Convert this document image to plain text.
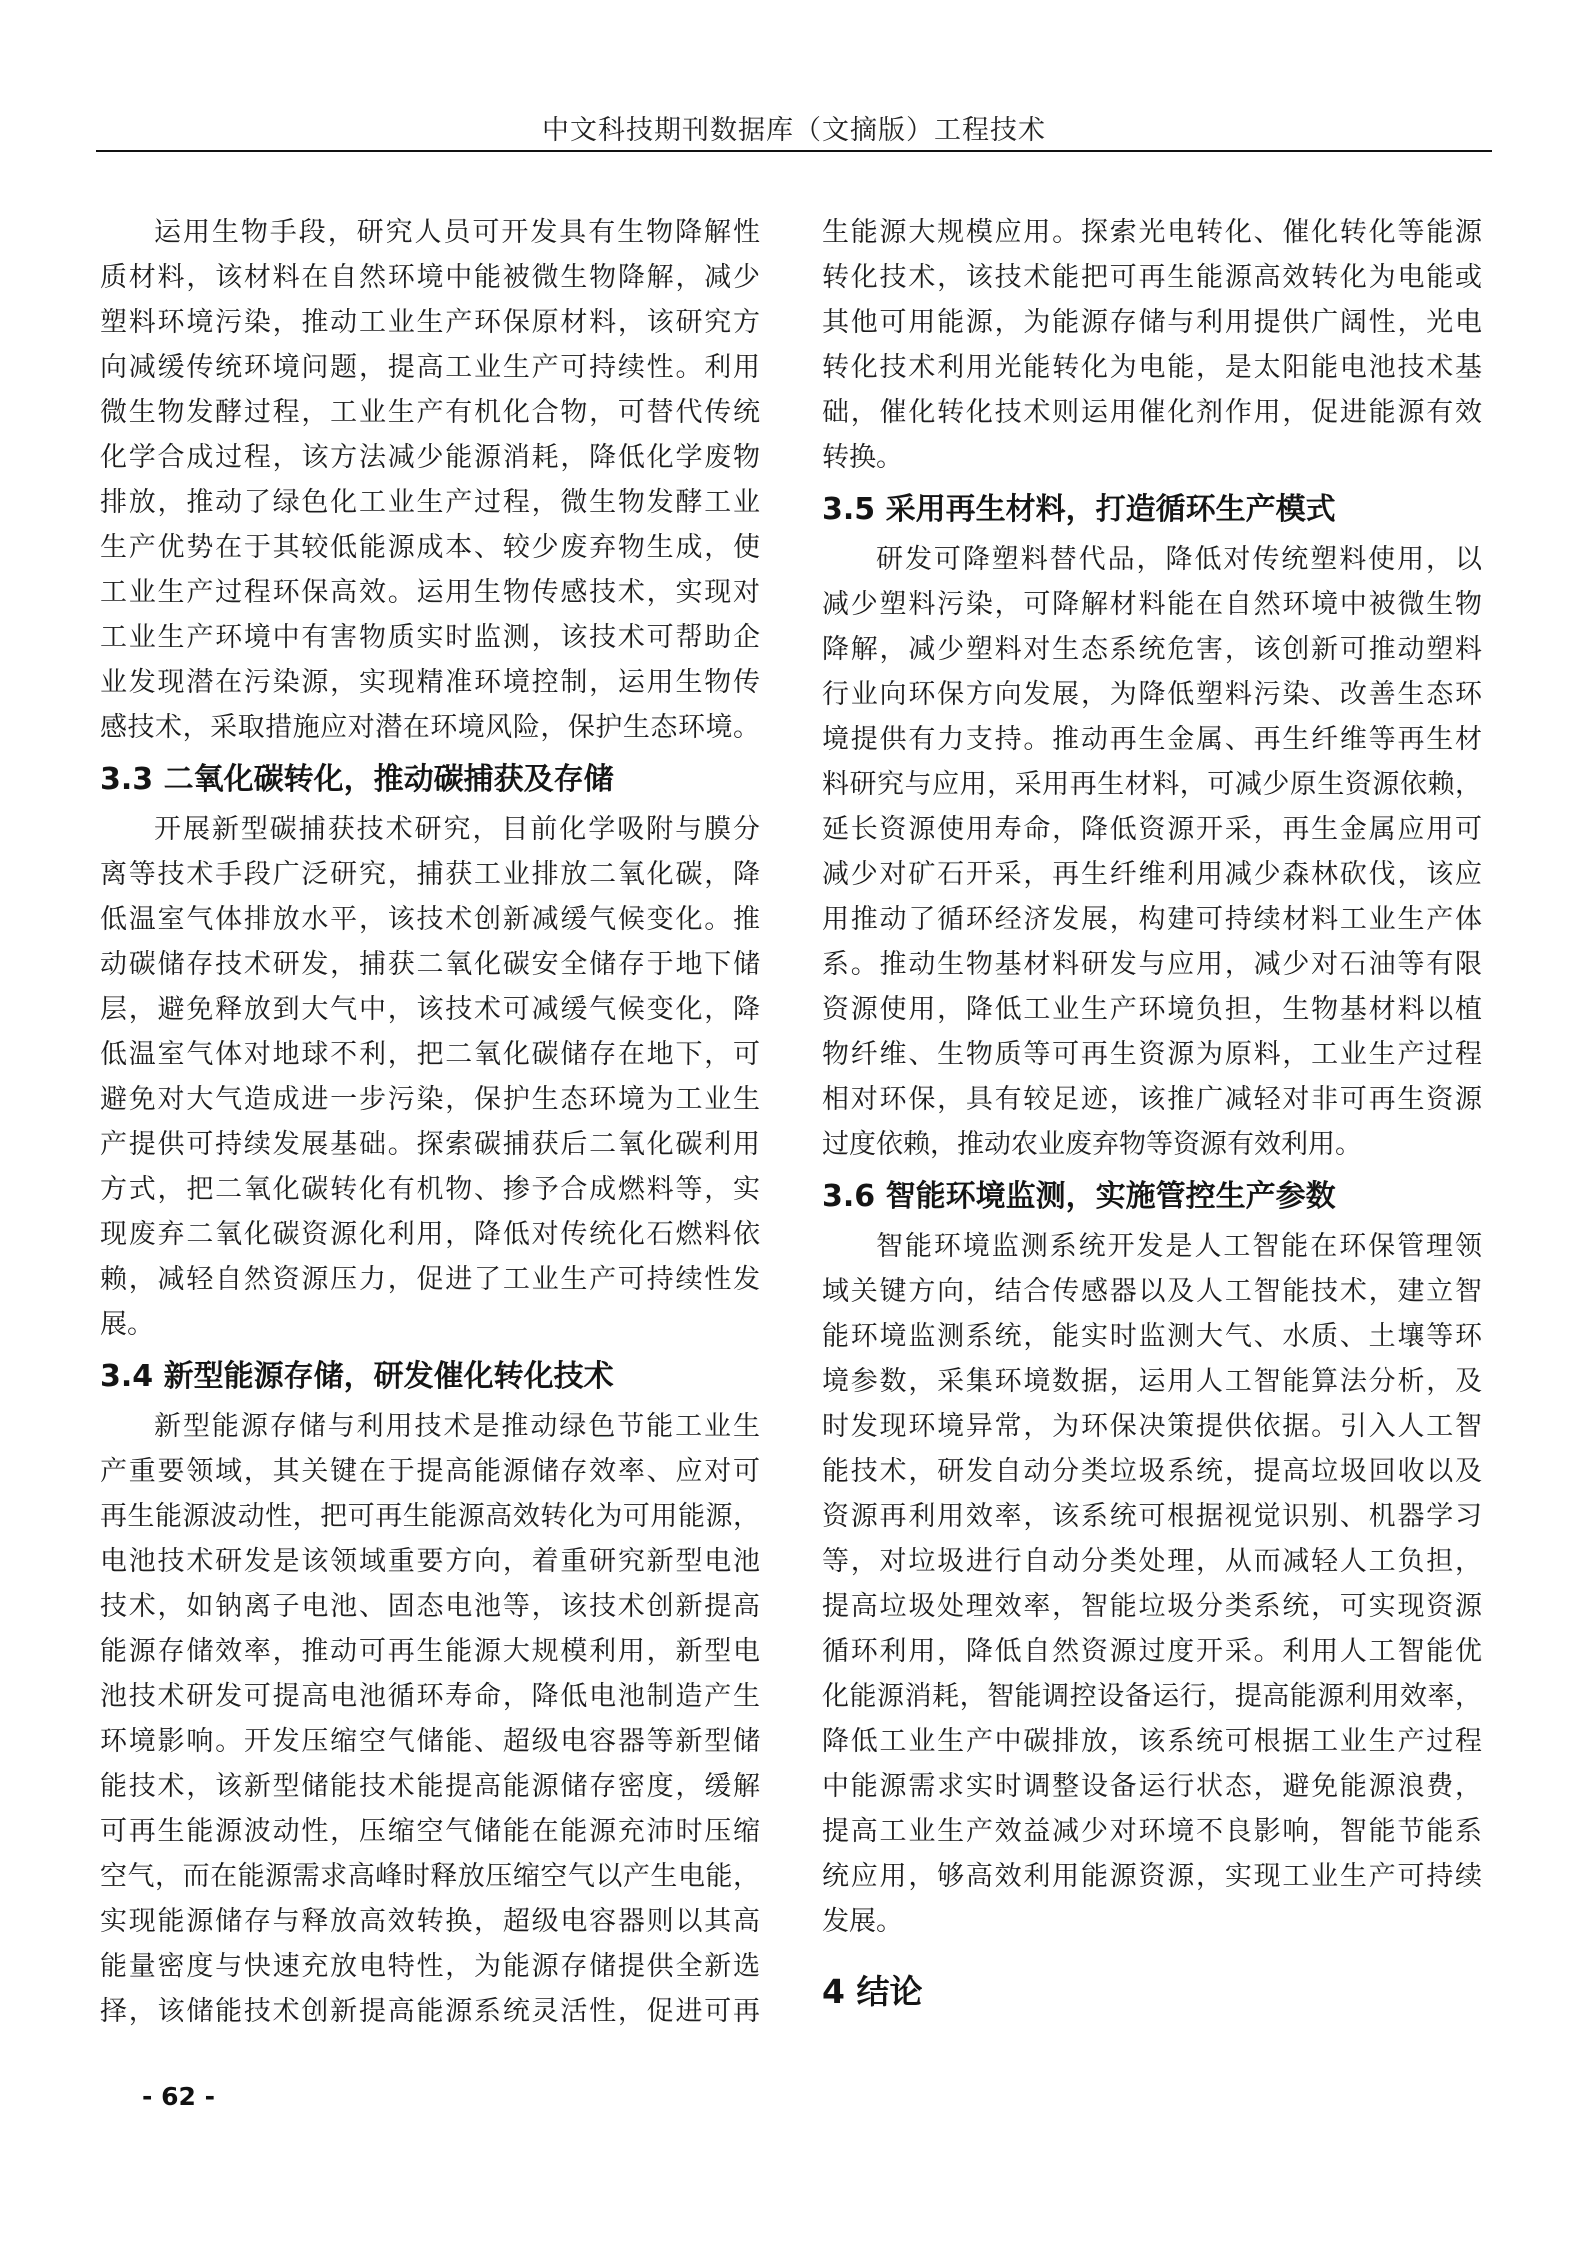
中文科技期刊数据库（文摘版）工程技术
运用生物手段，研究人员可开发具有生物降解性
质材料，该材料在自然环境中能被微生物降解，减少
塑料环境污染，推动工业生产环保原材料，该研究方
向减缓传统环境问题，提高工业生产可持续性。利用
微生物发酵过程，工业生产有机化合物，可替代传统
化学合成过程，该方法减少能源消耗，降低化学废物
排放，推动了绿色化工业生产过程，微生物发酵工业
生产优势在于其较低能源成本、较少废弃物生成，使
工业生产过程环保高效。运用生物传感技术，实现对
工业生产环境中有害物质实时监测，该技术可帮助企
业发现潜在污染源，实现精准环境控制，运用生物传
感技术，采取措施应对潜在环境风险，保护生态环境。
3.3 二氧化碳转化，推动碳捕获及存储
开展新型碳捕获技术研究，目前化学吸附与膜分
离等技术手段广泛研究，捕获工业排放二氧化碳，降
低温室气体排放水平，该技术创新减缓气候变化。推
动碳储存技术研发，捕获二氧化碳安全储存于地下储
层，避免释放到大气中，该技术可减缓气候变化，降
低温室气体对地球不利，把二氧化碳储存在地下，可
避免对大气造成进一步污染，保护生态环境为工业生
产提供可持续发展基础。探索碳捕获后二氧化碳利用
方式，把二氧化碳转化有机物、掺予合成燃料等，实
现废弃二氧化碳资源化利用，降低对传统化石燃料依
赖，减轻自然资源压力，促进了工业生产可持续性发
展。
3.4 新型能源存储，研发催化转化技术
新型能源存储与利用技术是推动绿色节能工业生
产重要领域，其关键在于提高能源储存效率、应对可
再生能源波动性，把可再生能源高效转化为可用能源，
电池技术研发是该领域重要方向，着重研究新型电池
技术，如钠离子电池、固态电池等，该技术创新提高
能源存储效率，推动可再生能源大规模利用，新型电
池技术研发可提高电池循环寿命，降低电池制造产生
环境影响。开发压缩空气储能、超级电容器等新型储
能技术，该新型储能技术能提高能源储存密度，缓解
可再生能源波动性，压缩空气储能在能源充沛时压缩
空气，而在能源需求高峰时释放压缩空气以产生电能，
实现能源储存与释放高效转换，超级电容器则以其高
能量密度与快速充放电特性，为能源存储提供全新选
择，该储能技术创新提高能源系统灵活性，促进可再
生能源大规模应用。探索光电转化、催化转化等能源
转化技术，该技术能把可再生能源高效转化为电能或
其他可用能源，为能源存储与利用提供广阔性，光电
转化技术利用光能转化为电能，是太阳能电池技术基
础，催化转化技术则运用催化剂作用，促进能源有效
转换。
3.5 采用再生材料，打造循环生产模式
研发可降塑料替代品，降低对传统塑料使用，以
减少塑料污染，可降解材料能在自然环境中被微生物
降解，减少塑料对生态系统危害，该创新可推动塑料
行业向环保方向发展，为降低塑料污染、改善生态环
境提供有力支持。推动再生金属、再生纤维等再生材
料研究与应用，采用再生材料，可减少原生资源依赖，
延长资源使用寿命，降低资源开采，再生金属应用可
减少对矿石开采，再生纤维利用减少森林砍伐，该应
用推动了循环经济发展，构建可持续材料工业生产体
系。推动生物基材料研发与应用，减少对石油等有限
资源使用，降低工业生产环境负担，生物基材料以植
物纤维、生物质等可再生资源为原料，工业生产过程
相对环保，具有较足迹，该推广减轻对非可再生资源
过度依赖，推动农业废弃物等资源有效利用。
3.6 智能环境监测，实施管控生产参数
智能环境监测系统开发是人工智能在环保管理领
域关键方向，结合传感器以及人工智能技术，建立智
能环境监测系统，能实时监测大气、水质、土壤等环
境参数，采集环境数据，运用人工智能算法分析，及
时发现环境异常，为环保决策提供依据。引入人工智
能技术，研发自动分类垃圾系统，提高垃圾回收以及
资源再利用效率，该系统可根据视觉识别、机器学习
等，对垃圾进行自动分类处理，从而减轻人工负担，
提高垃圾处理效率，智能垃圾分类系统，可实现资源
循环利用，降低自然资源过度开采。利用人工智能优
化能源消耗，智能调控设备运行，提高能源利用效率，
降低工业生产中碳排放，该系统可根据工业生产过程
中能源需求实时调整设备运行状态，避免能源浪费，
提高工业生产效益减少对环境不良影响，智能节能系
统应用，够高效利用能源资源，实现工业生产可持续
发展。
4 结论
- 62 -
